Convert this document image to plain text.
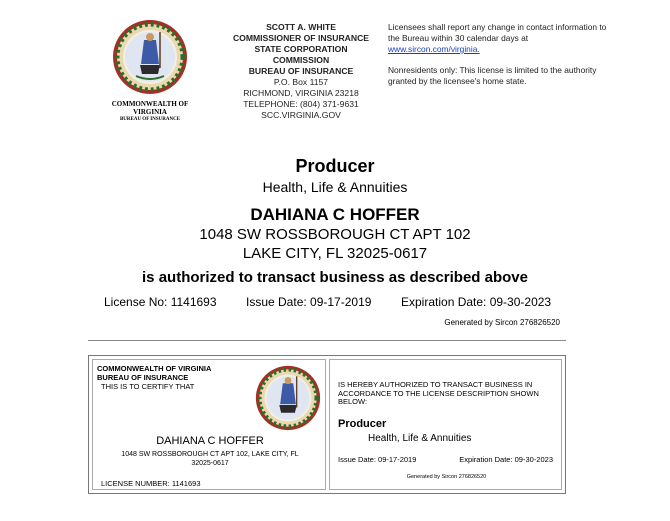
COMMONWEALTH OF
VIRGINIA
BUREAU OF INSURANCE
SCOTT A. WHITE
COMMISSIONER OF INSURANCE
STATE CORPORATION
COMMISSION
BUREAU OF INSURANCE
P.O. Box 1157
RICHMOND, VIRGINIA 23218
TELEPHONE: (804) 371-9631
SCC.VIRGINIA.GOV

Licensees shall report any change in contact information to the Bureau within 30 calendar days at www.sircon.com/virginia.

Nonresidents only: This license is limited to the authority granted by the licensee's home state.

Producer
Health, Life & Annuities
DAHIANA C HOFFER
1048 SW ROSSBOROUGH CT APT 102
LAKE CITY, FL 32025-0617
is authorized to transact business as described above
License No: 1141693 Issue Date: 09-17-2019 Expiration Date: 09-30-2023
Generated by Sircon 276826520
COMMONWEALTH OF VIRGINIA
BUREAU OF INSURANCE
THIS IS TO CERTIFY THAT
DAHIANA C HOFFER
1048 SW ROSSBOROUGH CT APT 102, LAKE CITY, FL
32025-0617
LICENSE NUMBER: 1141693
IS HEREBY AUTHORIZED TO TRANSACT BUSINESS IN ACCORDANCE TO THE LICENSE DESCRIPTION SHOWN BELOW:
Producer
Health, Life & Annuities
Issue Date: 09-17-2019	Expiration Date: 09-30-2023
Generated by Sircon 276826520
